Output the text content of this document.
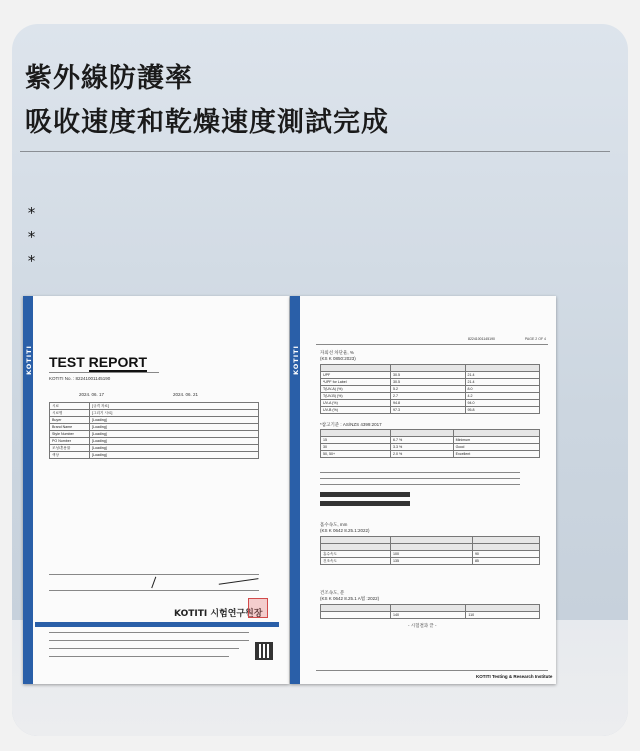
紫外線防護率
吸收速度和乾燥速度測試完成
*
*
*
KOTITI TEST REPORT
KOTITI No. : 82241001145190
2024. 06. 17	2024. 06. 21
시료	[규격 자료]
시료명	[그리기 시료]
Buyer	[Loading]
Brand Name	[Loading]
Style Number	[Loading]
PO Number	[Loading]
조성/혼용률	[Loading]
색상	[Loading]
KOTITI 시험연구원장
KOTITI
82241001145190	PAGE 2 OF 4
자외선 차단율, %
(KS K 0850:2023)

UPF	30.5	21.4
*UPF for Label	30.5	21.4
T(UV-A) (%)	5.2	8.0
T(UV-B) (%)	2.7	4.2
UV-A (%)	94.8	94.0
UV-B (%)	97.3	95.8
*참고기준 : AS/NZS 4399:2017

15	6.7 %	Minimum
30	3.3 %	Good
50, 50+	2.0 %	Excellent
흡수속도, mm
(KS K 0642 8.25.1:2022)

흡수속도	100	90
건조속도	135	85
건조속도, 분
(KS K 0642 8.25.1 A법 :2022)

	140	110
- 시험결과 끝 -
KOTITI Testing & Research Institute
